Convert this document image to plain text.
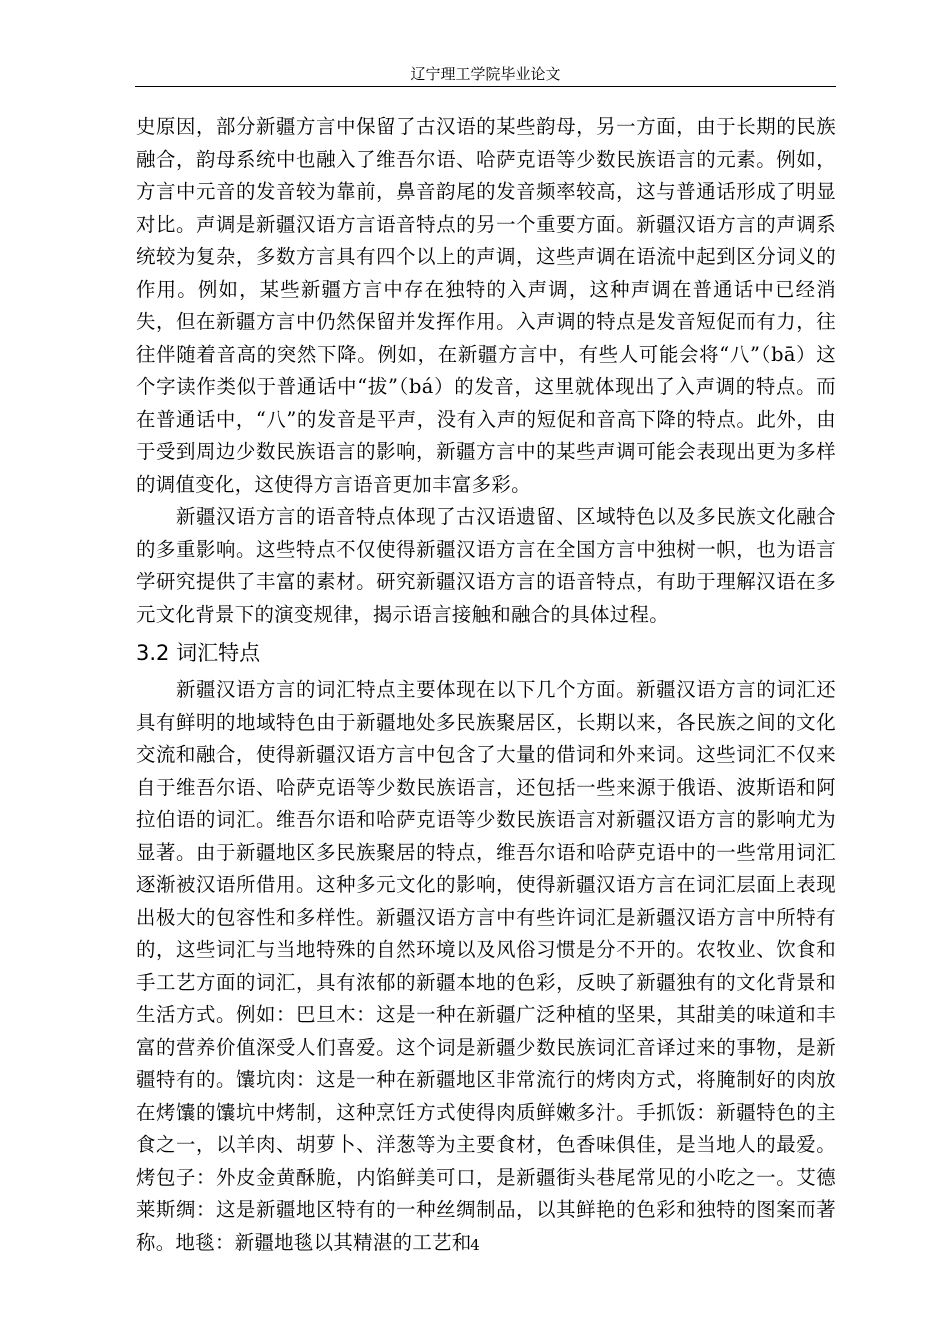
辽宁理工学院毕业论文

史原因，部分新疆方言中保留了古汉语的某些韵母，另一方面，由于长期的民族融合，韵母系统中也融入了维吾尔语、哈萨克语等少数民族语言的元素。例如，方言中元音的发音较为靠前，鼻音韵尾的发音频率较高，这与普通话形成了明显对比。声调是新疆汉语方言语音特点的另一个重要方面。新疆汉语方言的声调系统较为复杂，多数方言具有四个以上的声调，这些声调在语流中起到区分词义的作用。例如，某些新疆方言中存在独特的入声调，这种声调在普通话中已经消失，但在新疆方言中仍然保留并发挥作用。入声调的特点是发音短促而有力，往往伴随着音高的突然下降。例如，在新疆方言中，有些人可能会将“八”（bā）这个字读作类似于普通话中“拔”（bá）的发音，这里就体现出了入声调的特点。而在普通话中，“八”的发音是平声，没有入声的短促和音高下降的特点。此外，由于受到周边少数民族语言的影响，新疆方言中的某些声调可能会表现出更为多样的调值变化，这使得方言语音更加丰富多彩。

新疆汉语方言的语音特点体现了古汉语遗留、区域特色以及多民族文化融合的多重影响。这些特点不仅使得新疆汉语方言在全国方言中独树一帜，也为语言学研究提供了丰富的素材。研究新疆汉语方言的语音特点，有助于理解汉语在多元文化背景下的演变规律，揭示语言接触和融合的具体过程。

3.2 词汇特点

新疆汉语方言的词汇特点主要体现在以下几个方面。新疆汉语方言的词汇还具有鲜明的地域特色由于新疆地处多民族聚居区，长期以来，各民族之间的文化交流和融合，使得新疆汉语方言中包含了大量的借词和外来词。这些词汇不仅来自于维吾尔语、哈萨克语等少数民族语言，还包括一些来源于俄语、波斯语和阿拉伯语的词汇。维吾尔语和哈萨克语等少数民族语言对新疆汉语方言的影响尤为显著。由于新疆地区多民族聚居的特点，维吾尔语和哈萨克语中的一些常用词汇逐渐被汉语所借用。这种多元文化的影响，使得新疆汉语方言在词汇层面上表现出极大的包容性和多样性。新疆汉语方言中有些许词汇是新疆汉语方言中所特有的，这些词汇与当地特殊的自然环境以及风俗习惯是分不开的。农牧业、饮食和手工艺方面的词汇，具有浓郁的新疆本地的色彩，反映了新疆独有的文化背景和生活方式。例如：巴旦木：这是一种在新疆广泛种植的坚果，其甜美的味道和丰富的营养价值深受人们喜爱。这个词是新疆少数民族词汇音译过来的事物，是新疆特有的。馕坑肉：这是一种在新疆地区非常流行的烤肉方式，将腌制好的肉放在烤馕的馕坑中烤制，这种烹饪方式使得肉质鲜嫩多汁。手抓饭：新疆特色的主食之一，以羊肉、胡萝卜、洋葱等为主要食材，色香味俱佳，是当地人的最爱。烤包子：外皮金黄酥脆，内馅鲜美可口，是新疆街头巷尾常见的小吃之一。艾德莱斯绸：这是新疆地区特有的一种丝绸制品，以其鲜艳的色彩和独特的图案而著称。地毯：新疆地毯以其精湛的工艺和

4
